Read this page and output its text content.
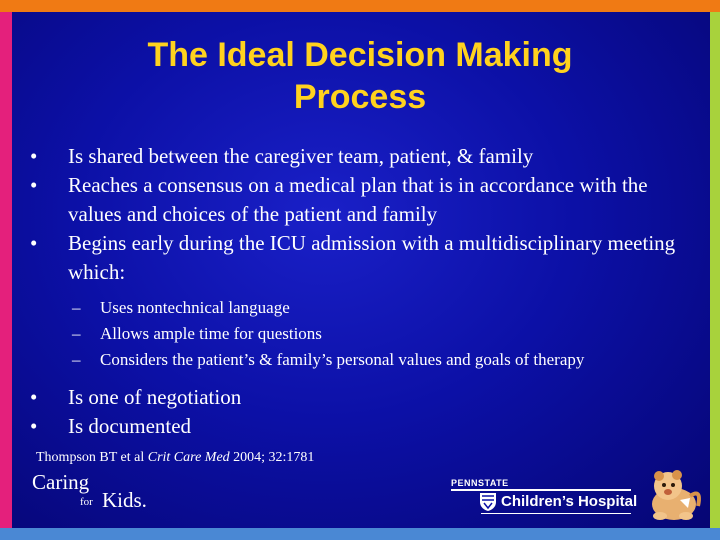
The Ideal Decision Making
Process
• Is shared between the caregiver team, patient, & family
• Reaches a consensus on a medical plan that is in accordance with the values and choices of the patient and family
• Begins early during the ICU admission with a multidisciplinary meeting which:
– Uses nontechnical language
– Allows ample time for questions
– Considers the patient’s & family’s personal values and goals of therapy
• Is one of negotiation
• Is documented
Thompson BT et al Crit Care Med 2004; 32:1781
Caring
for Kids.
PENNSTATE
Children’s Hospital
